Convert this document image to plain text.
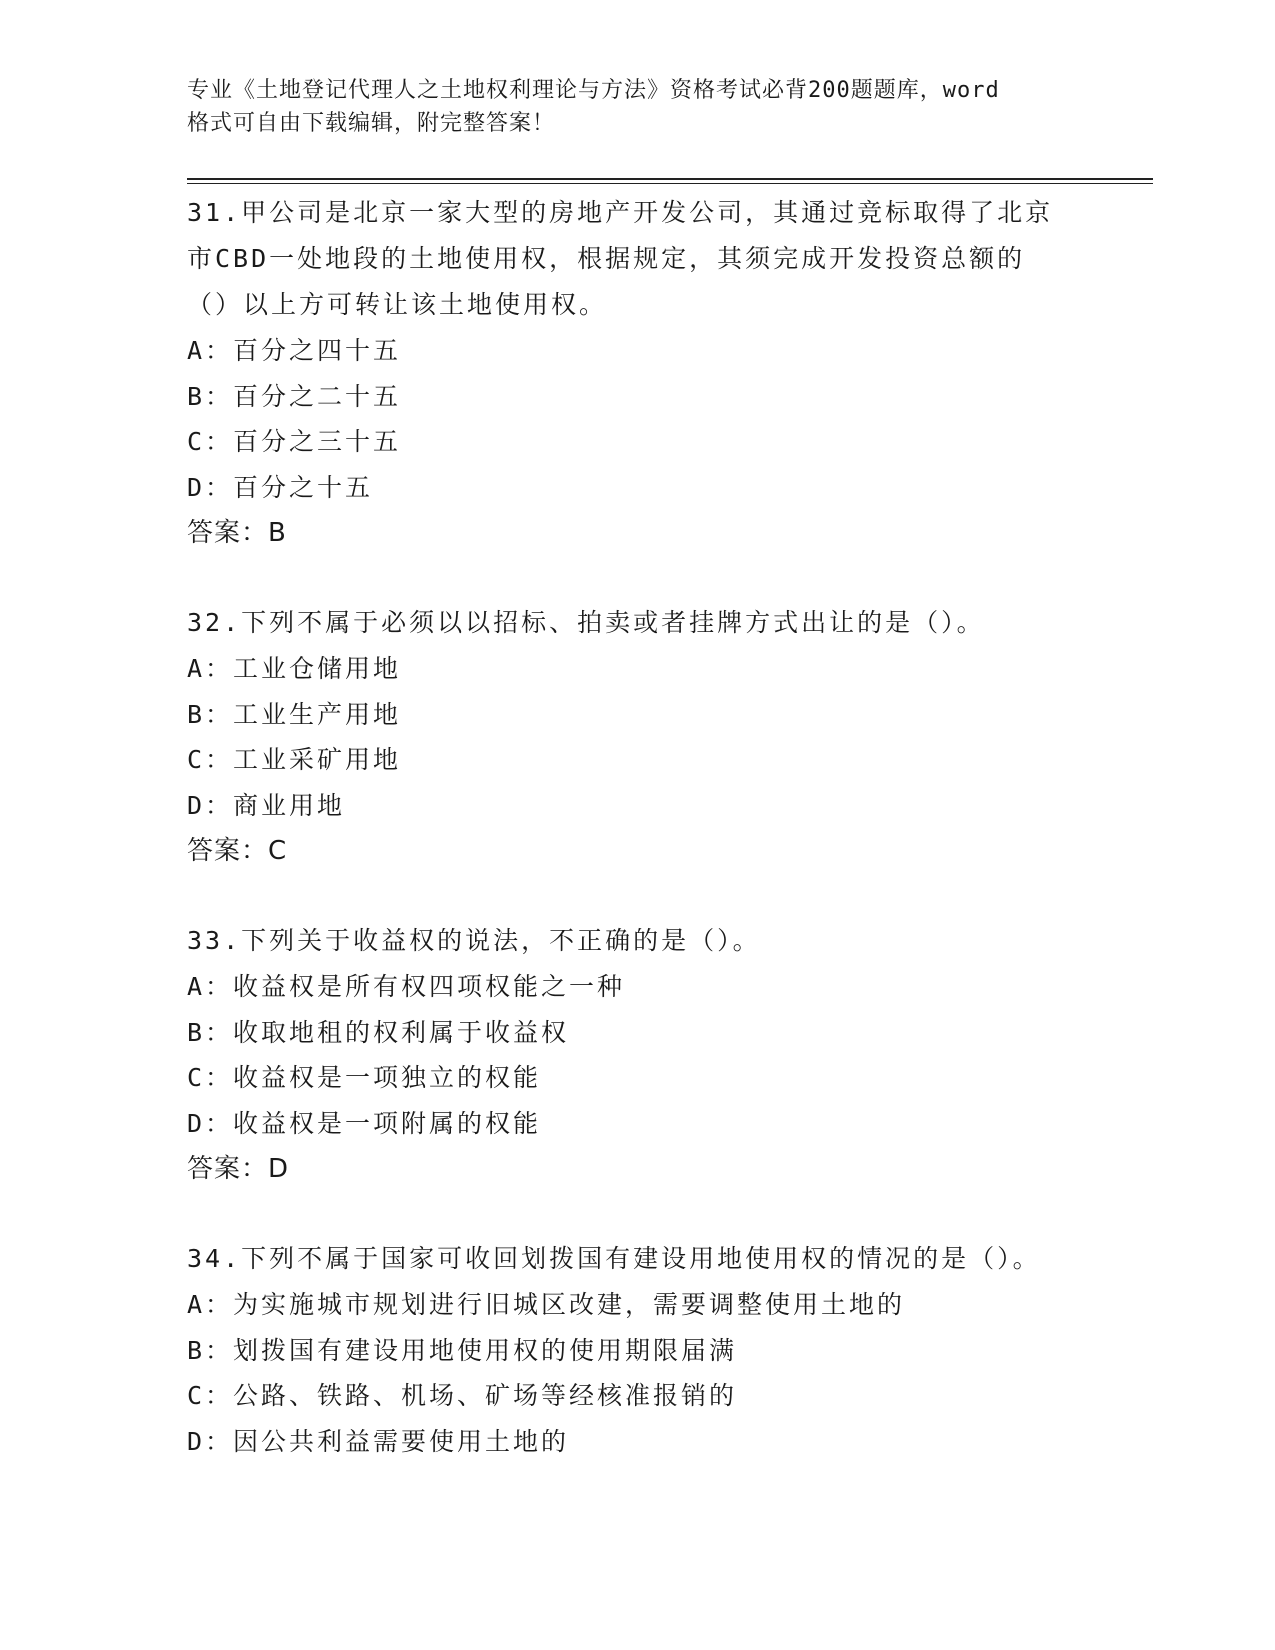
专业《土地登记代理人之土地权利理论与方法》资格考试必背200题题库，word
格式可自由下载编辑，附完整答案！

31.甲公司是北京一家大型的房地产开发公司，其通过竞标取得了北京

市CBD一处地段的土地使用权，根据规定，其须完成开发投资总额的

（）以上方可转让该土地使用权。

A：百分之四十五

B：百分之二十五

C：百分之三十五

D：百分之十五

答案：B

32.下列不属于必须以以招标、拍卖或者挂牌方式出让的是（）。

A：工业仓储用地

B：工业生产用地

C：工业采矿用地

D：商业用地

答案：C

33.下列关于收益权的说法，不正确的是（）。

A：收益权是所有权四项权能之一种

B：收取地租的权利属于收益权

C：收益权是一项独立的权能

D：收益权是一项附属的权能

答案：D

34.下列不属于国家可收回划拨国有建设用地使用权的情况的是（）。

A：为实施城市规划进行旧城区改建，需要调整使用土地的

B：划拨国有建设用地使用权的使用期限届满

C：公路、铁路、机场、矿场等经核准报销的

D：因公共利益需要使用土地的
